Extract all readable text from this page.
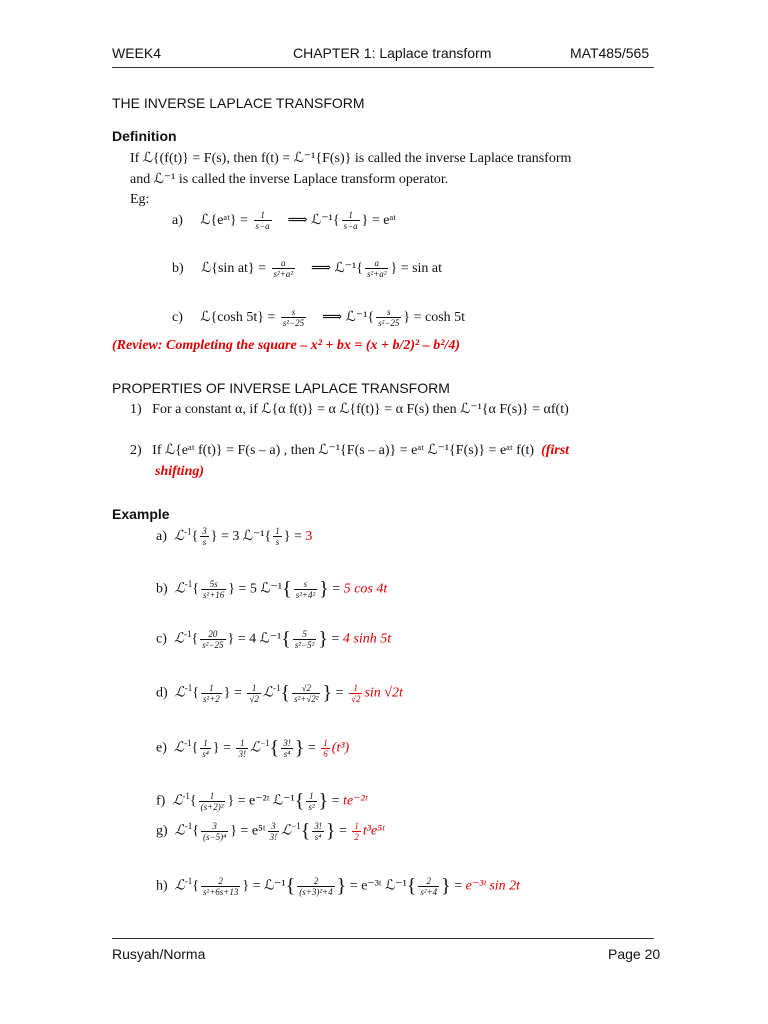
WEEK4	CHAPTER 1: Laplace transform	MAT485/565
THE INVERSE LAPLACE TRANSFORM
Definition
If ℒ{(f(t)} = F(s), then f(t) = ℒ⁻¹{F(s)} is called the inverse Laplace transform
and ℒ⁻¹ is called the inverse Laplace transform operator.
Eg:
a) ℒ{eᵃᵗ} = $\frac{1}{s-a}$ ⟹ ℒ⁻¹{ $\frac{1}{s-a}$ } = eᵃᵗ
b) ℒ{sin $at\} = \frac{a}{\text{s²+a²}}$ ⟹ ℒ⁻¹{ $\frac{a}{\text{s²+a²}}$ } = sin at
c) ℒ{cosh $5t\} = \frac{s}{\text{s²−25}}$ ⟹ ℒ⁻¹{ $\frac{s}{\text{s²−25}}$ } = cosh 5t
(Review: Completing the square – x² + bx = (x + b/2)² – b²/4)
PROPERTIES OF INVERSE LAPLACE TRANSFORM
1) For a constant α, if ℒ{α f(t)} = α ℒ{f(t)} = α F(s) then ℒ⁻¹{α F(s)} = αf(t)
2) If ℒ{eᵃᵗ f(t)} = F(s – a) , then ℒ⁻¹{F(s – a)} = eᵃᵗ ℒ⁻¹{F(s)} = eᵃᵗ f(t) (first
shifting)
Example
a) ℒ$^{-1}${ $\frac{3}{s}$ } = 3 ℒ⁻¹{ $\frac{1}{s}$ } = 3
b) ℒ$^{-1}${ $\frac{5s}{\text{s²+16}}$ } = 5 ℒ⁻¹{ $\frac{s}{\text{s²+4²}}$ } = 5 cos 4t
c) ℒ$^{-1}${ $\frac{20}{\text{s²−25}}$ } = 4 ℒ⁻¹{ $\frac{5}{\text{s²−5²}}$ } = 4 sinh 5t
d) ℒ$^{-1}${ $\frac{1}{\text{s²+2}}$ } = $\frac{1}{√2}$ ℒ$^{-1}${ $\frac{√2}{\text{s²+√2²}}$ } = $\frac{1}{√2}$ sin √2t
e) ℒ$^{-1}${ $\frac{1}{\text{s⁴}}$ } = $\frac{1}{3!}$ ℒ$^{-1}${ $\frac{3!}{\text{s⁴}}$ } = $\frac{1}{6} (t^3)$
f) ℒ$^{-1}${ $\frac{1}{\text{(s+2)²}}$ } = e⁻²ᵗ ℒ⁻¹{ $\frac{1}{\text{s²}}$ } = te⁻²ᵗ
g) ℒ$^{-1}${ $\frac{3}{\text{(s−5)⁴}}$ } = e⁵ᵗ $\frac{3}{3!}$ ℒ$^{-1}${ $\frac{3!}{\text{s⁴}}$ } = $\frac{1}{2}$ t³e⁵ᵗ
h) ℒ$^{-1}${ $\frac{2}{\text{s²+6s+13}}$ } = ℒ⁻¹{ $\frac{2}{\text{(s+3)²+4}}$ } = e⁻³ᵗ ℒ⁻¹{ $\frac{2}{\text{s²+4}}$ } = e⁻³ᵗ sin 2t
Rusyah/Norma	Page 20
